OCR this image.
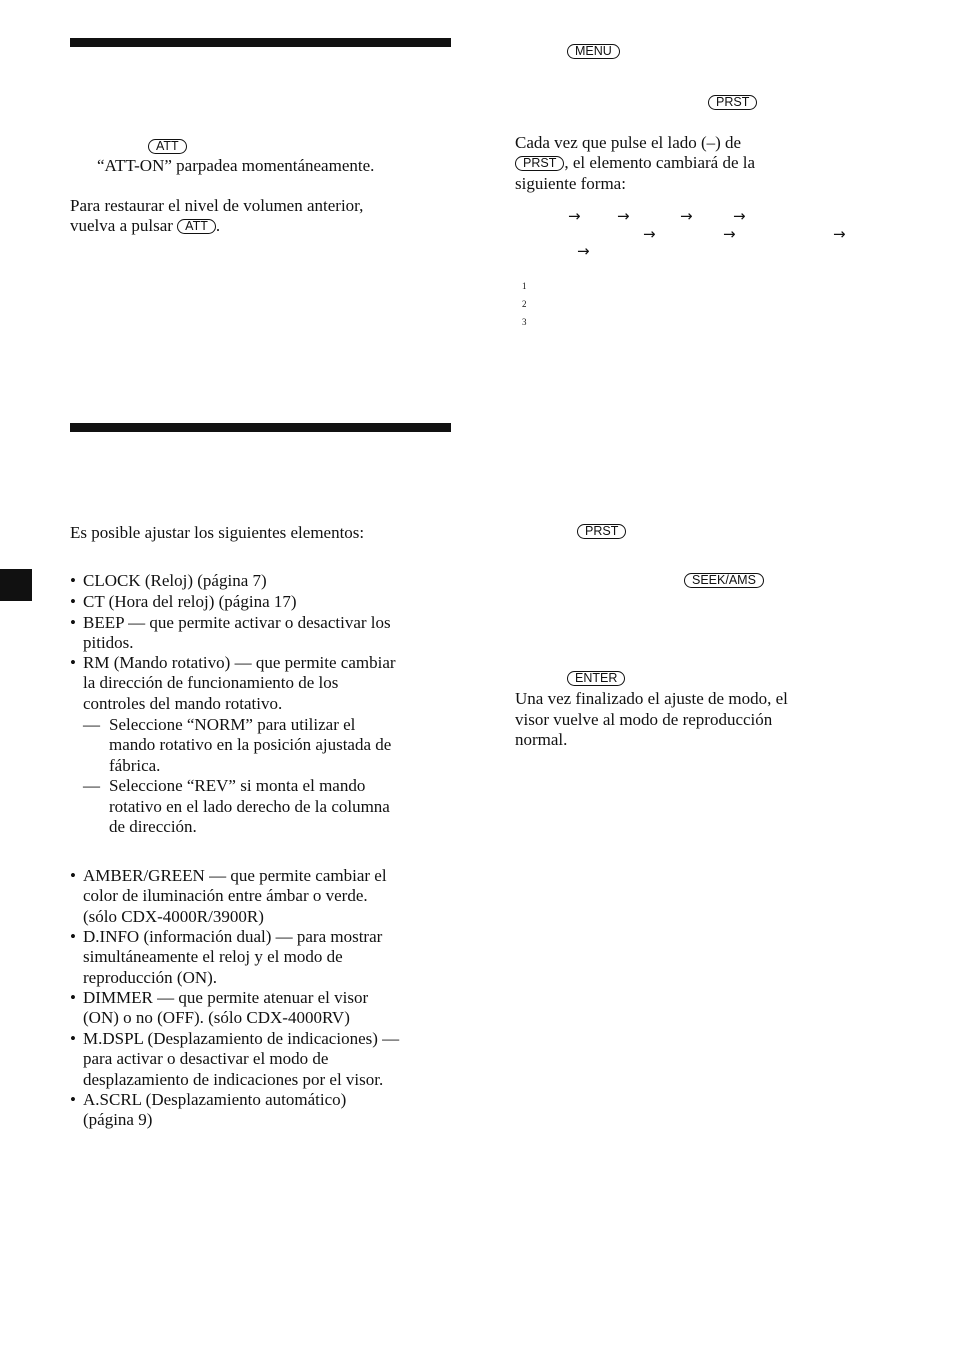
ATT
“ATT-ON” parpadea momentáneamente.
Para restaurar el nivel de volumen anterior,
vuelva a pulsar ATT .
Es posible ajustar los siguientes elementos:
• CLOCK (Reloj) (página 7)
• CT (Hora del reloj) (página 17)
• BEEP — que permite activar o desactivar los
pitidos.
• RM (Mando rotativo) — que permite cambiar
la dirección de funcionamiento de los
controles del mando rotativo.
— Seleccione “NORM” para utilizar el
mando rotativo en la posición ajustada de
fábrica.
— Seleccione “REV” si monta el mando
rotativo en el lado derecho de la columna
de dirección.
• AMBER/GREEN — que permite cambiar el
color de iluminación entre ámbar o verde.
(sólo CDX-4000R/3900R)
• D.INFO (información dual) — para mostrar
simultáneamente el reloj y el modo de
reproducción (ON).
• DIMMER — que permite atenuar el visor
(ON) o no (OFF). (sólo CDX-4000RV)
• M.DSPL (Desplazamiento de indicaciones) —
para activar o desactivar el modo de
desplazamiento de indicaciones por el visor.
• A.SCRL (Desplazamiento automático)
(página 9)
MENU
PRST
Cada vez que pulse el lado (–) de
PRST , el elemento cambiará de la
siguiente forma:
→ →	→	→
→	→	→
→
1
2
3
PRST
SEEK/AMS
ENTER
Una vez finalizado el ajuste de modo, el
visor vuelve al modo de reproducción
normal.
